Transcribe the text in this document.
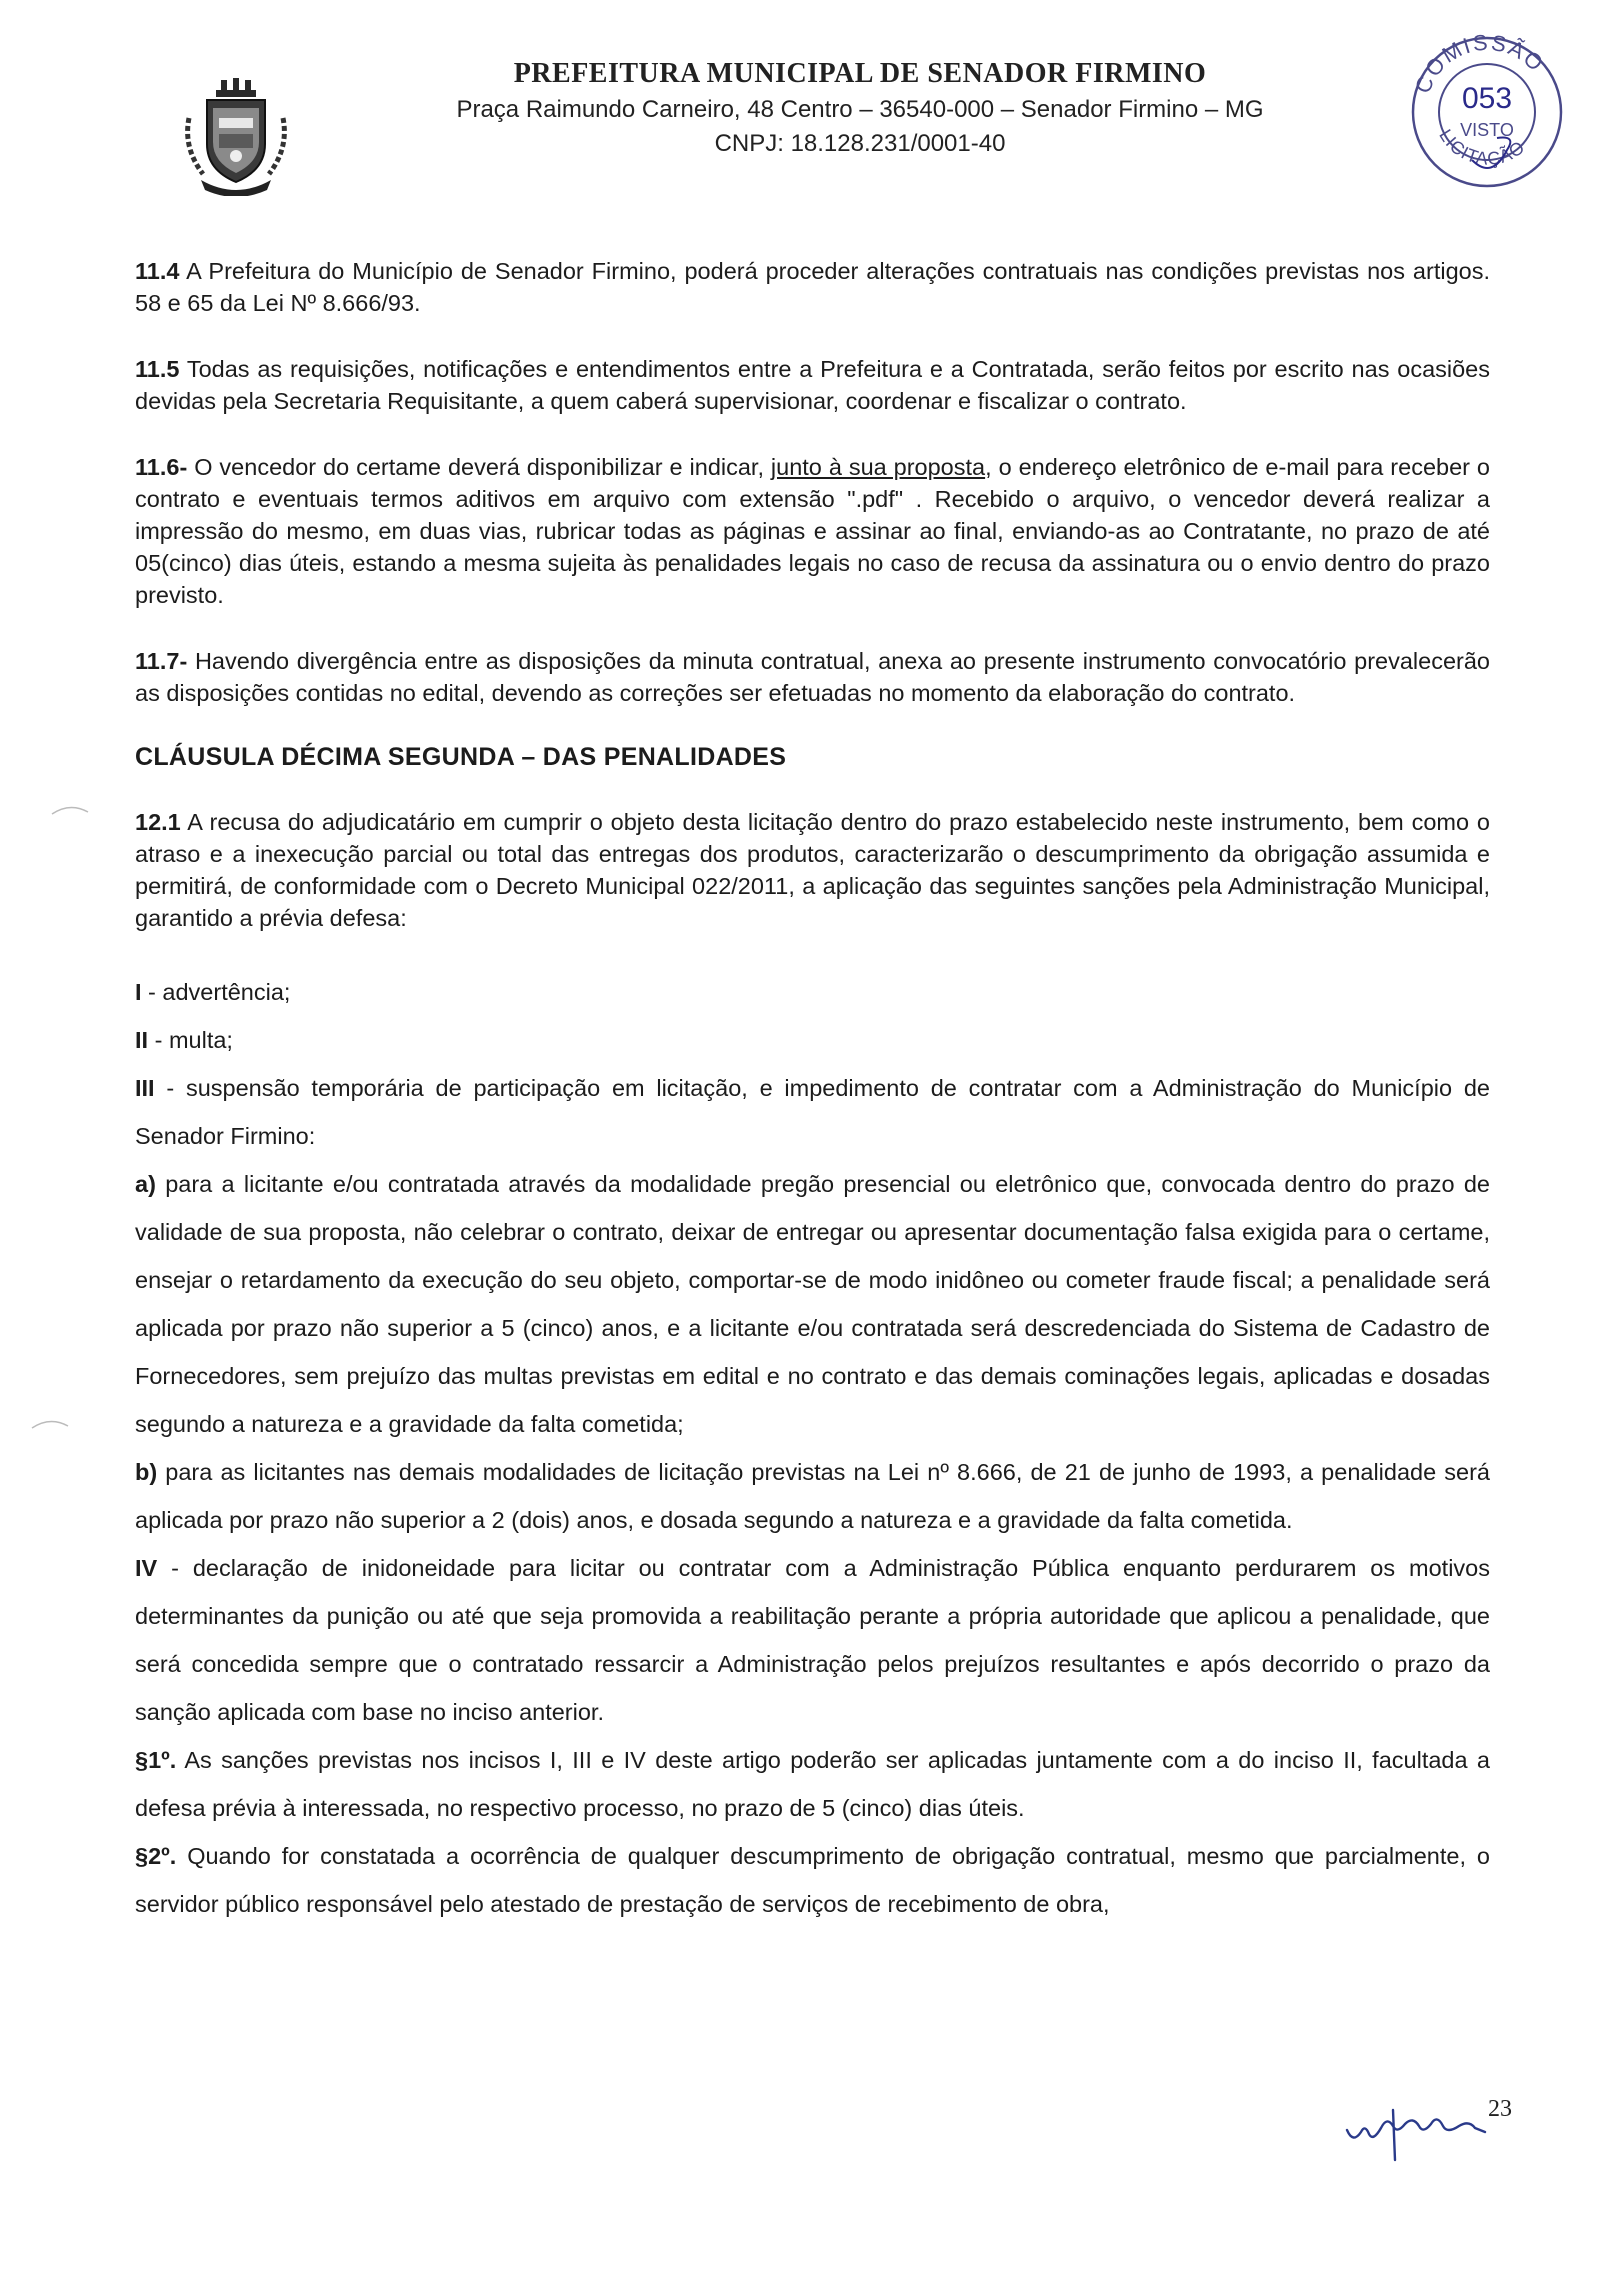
PREFEITURA MUNICIPAL DE SENADOR FIRMINO
Praça Raimundo Carneiro, 48 Centro – 36540-000 – Senador Firmino – MG
CNPJ: 18.128.231/0001-40
COMISSÃO
053
VISTO
LICITAÇÃO

11.4 A Prefeitura do Município de Senador Firmino, poderá proceder alterações contratuais nas condições previstas nos artigos. 58 e 65 da Lei Nº 8.666/93.

11.5 Todas as requisições, notificações e entendimentos entre a Prefeitura e a Contratada, serão feitos por escrito nas ocasiões devidas pela Secretaria Requisitante, a quem caberá supervisionar, coordenar e fiscalizar o contrato.

11.6- O vencedor do certame deverá disponibilizar e indicar, junto à sua proposta, o endereço eletrônico de e-mail para receber o contrato e eventuais termos aditivos em arquivo com extensão ".pdf" . Recebido o arquivo, o vencedor deverá realizar a impressão do mesmo, em duas vias, rubricar todas as páginas e assinar ao final, enviando-as ao Contratante, no prazo de até 05(cinco) dias úteis, estando a mesma sujeita às penalidades legais no caso de recusa da assinatura ou o envio dentro do prazo previsto.

11.7- Havendo divergência entre as disposições da minuta contratual, anexa ao presente instrumento convocatório prevalecerão as disposições contidas no edital, devendo as correções ser efetuadas no momento da elaboração do contrato.

CLÁUSULA DÉCIMA SEGUNDA – DAS PENALIDADES

12.1 A recusa do adjudicatário em cumprir o objeto desta licitação dentro do prazo estabelecido neste instrumento, bem como o atraso e a inexecução parcial ou total das entregas dos produtos, caracterizarão o descumprimento da obrigação assumida e permitirá, de conformidade com o Decreto Municipal 022/2011, a aplicação das seguintes sanções pela Administração Municipal, garantido a prévia defesa:

I - advertência;

II - multa;

III - suspensão temporária de participação em licitação, e impedimento de contratar com a Administração do Município de Senador Firmino:

a) para a licitante e/ou contratada através da modalidade pregão presencial ou eletrônico que, convocada dentro do prazo de validade de sua proposta, não celebrar o contrato, deixar de entregar ou apresentar documentação falsa exigida para o certame, ensejar o retardamento da execução do seu objeto, comportar-se de modo inidôneo ou cometer fraude fiscal; a penalidade será aplicada por prazo não superior a 5 (cinco) anos, e a licitante e/ou contratada será descredenciada do Sistema de Cadastro de Fornecedores, sem prejuízo das multas previstas em edital e no contrato e das demais cominações legais, aplicadas e dosadas segundo a natureza e a gravidade da falta cometida;

b) para as licitantes nas demais modalidades de licitação previstas na Lei nº 8.666, de 21 de junho de 1993, a penalidade será aplicada por prazo não superior a 2 (dois) anos, e dosada segundo a natureza e a gravidade da falta cometida.

IV - declaração de inidoneidade para licitar ou contratar com a Administração Pública enquanto perdurarem os motivos determinantes da punição ou até que seja promovida a reabilitação perante a própria autoridade que aplicou a penalidade, que será concedida sempre que o contratado ressarcir a Administração pelos prejuízos resultantes e após decorrido o prazo da sanção aplicada com base no inciso anterior.

§1º. As sanções previstas nos incisos I, III e IV deste artigo poderão ser aplicadas juntamente com a do inciso II, facultada a defesa prévia à interessada, no respectivo processo, no prazo de 5 (cinco) dias úteis.

§2º. Quando for constatada a ocorrência de qualquer descumprimento de obrigação contratual, mesmo que parcialmente, o servidor público responsável pelo atestado de prestação de serviços de recebimento de obra,

23
